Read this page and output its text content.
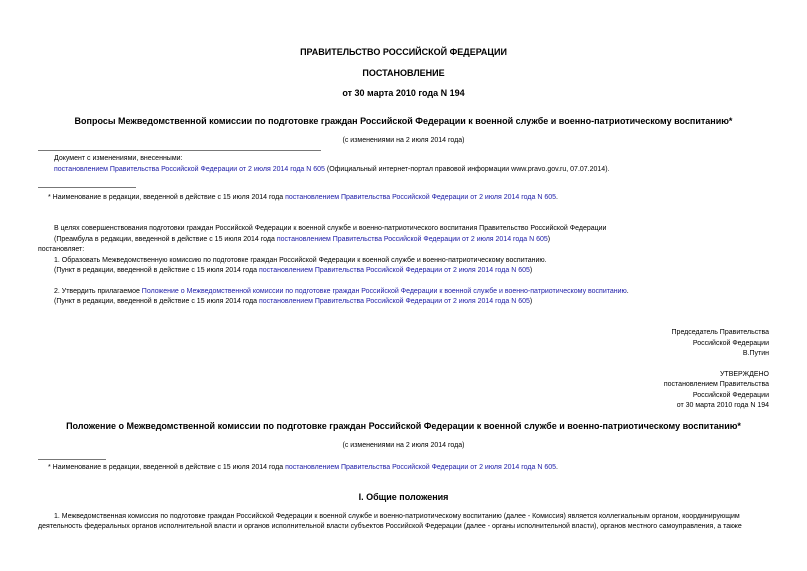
ПРАВИТЕЛЬСТВО РОССИЙСКОЙ ФЕДЕРАЦИИ
ПОСТАНОВЛЕНИЕ
от 30 марта 2010 года N 194
Вопросы Межведомственной комиссии по подготовке граждан Российской Федерации к военной службе и военно-патриотическому воспитанию*
(с изменениями на 2 июля 2014 года)
Документ с изменениями, внесенными:
постановлением Правительства Российской Федерации от 2 июля 2014 года N 605 (Официальный интернет-портал правовой информации www.pravo.gov.ru, 07.07.2014).
* Наименование в редакции, введенной в действие с 15 июля 2014 года постановлением Правительства Российской Федерации от 2 июля 2014 года N 605.
В целях совершенствования подготовки граждан Российской Федерации к военной службе и военно-патриотического воспитания Правительство Российской Федерации
(Преамбула в редакции, введенной в действие с 15 июля 2014 года постановлением Правительства Российской Федерации от 2 июля 2014 года N 605)
постановляет:
1. Образовать Межведомственную комиссию по подготовке граждан Российской Федерации к военной службе и военно-патриотическому воспитанию.
(Пункт в редакции, введенной в действие с 15 июля 2014 года постановлением Правительства Российской Федерации от 2 июля 2014 года N 605)
2. Утвердить прилагаемое Положение о Межведомственной комиссии по подготовке граждан Российской Федерации к военной службе и военно-патриотическому воспитанию.
(Пункт в редакции, введенной в действие с 15 июля 2014 года постановлением Правительства Российской Федерации от 2 июля 2014 года N 605)
Председатель Правительства
Российской Федерации
В.Путин
УТВЕРЖДЕНО
постановлением Правительства
Российской Федерации
от 30 марта 2010 года N 194
Положение о Межведомственной комиссии по подготовке граждан Российской Федерации к военной службе и военно-патриотическому воспитанию*
(с изменениями на 2 июля 2014 года)
* Наименование в редакции, введенной в действие с 15 июля 2014 года постановлением Правительства Российской Федерации от 2 июля 2014 года N 605.
I. Общие положения
1. Межведомственная комиссия по подготовке граждан Российской Федерации к военной службе и военно-патриотическому воспитанию (далее - Комиссия) является коллегиальным органом, координирующим
деятельность федеральных органов исполнительной власти и органов исполнительной власти субъектов Российской Федерации (далее - органы исполнительной власти), органов местного самоуправления, а также
